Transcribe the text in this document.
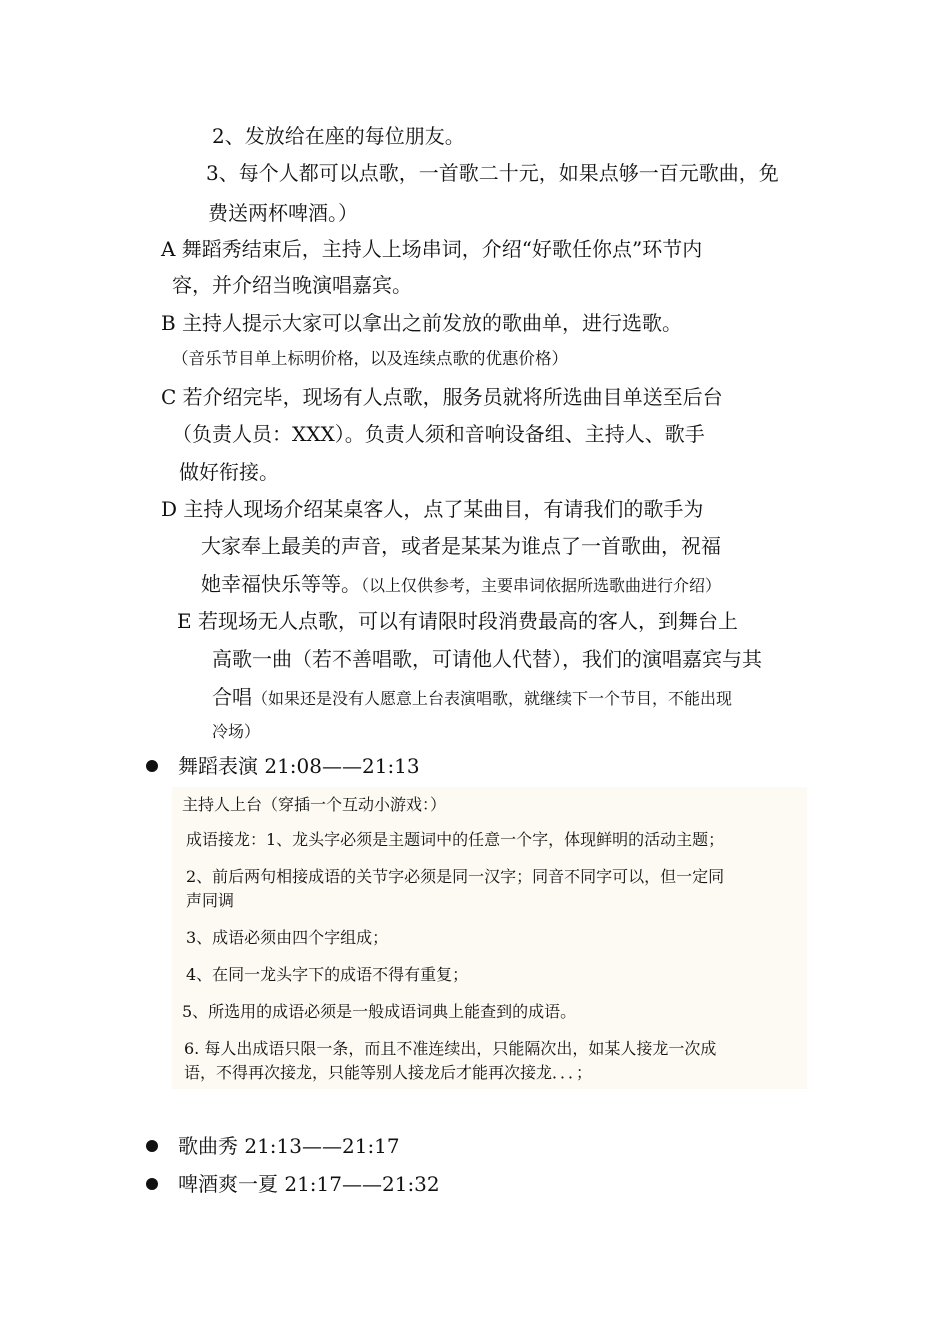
2、发放给在座的每位朋友。
3、每个人都可以点歌，一首歌二十元，如果点够一百元歌曲，免
费送两杯啤酒。）
A 舞蹈秀结束后，主持人上场串词，介绍“好歌任你点”环节内
容，并介绍当晚演唱嘉宾。
B 主持人提示大家可以拿出之前发放的歌曲单，进行选歌。
（音乐节目单上标明价格，以及连续点歌的优惠价格）
C 若介绍完毕，现场有人点歌，服务员就将所选曲目单送至后台
（负责人员：XXX）。负责人须和音响设备组、主持人、歌手
做好衔接。
D 主持人现场介绍某桌客人，点了某曲目，有请我们的歌手为
大家奉上最美的声音，或者是某某为谁点了一首歌曲，祝福
她幸福快乐等等。（以上仅供参考，主要串词依据所选歌曲进行介绍）
E 若现场无人点歌，可以有请限时段消费最高的客人，到舞台上
高歌一曲（若不善唱歌，可请他人代替），我们的演唱嘉宾与其
合唱（如果还是没有人愿意上台表演唱歌，就继续下一个节目，不能出现
冷场）
舞蹈表演 21:08——21:13
主持人上台（穿插一个互动小游戏：）
成语接龙：1、龙头字必须是主题词中的任意一个字，体现鲜明的活动主题；
2、前后两句相接成语的关节字必须是同一汉字；同音不同字可以，但一定同
声同调
3、成语必须由四个字组成；
4、在同一龙头字下的成语不得有重复；
5、所选用的成语必须是一般成语词典上能查到的成语。
6. 每人出成语只限一条，而且不准连续出，只能隔次出，如某人接龙一次成
语，不得再次接龙，只能等别人接龙后才能再次接龙．．．；
歌曲秀 21:13——21:17
啤酒爽一夏 21:17——21:32
